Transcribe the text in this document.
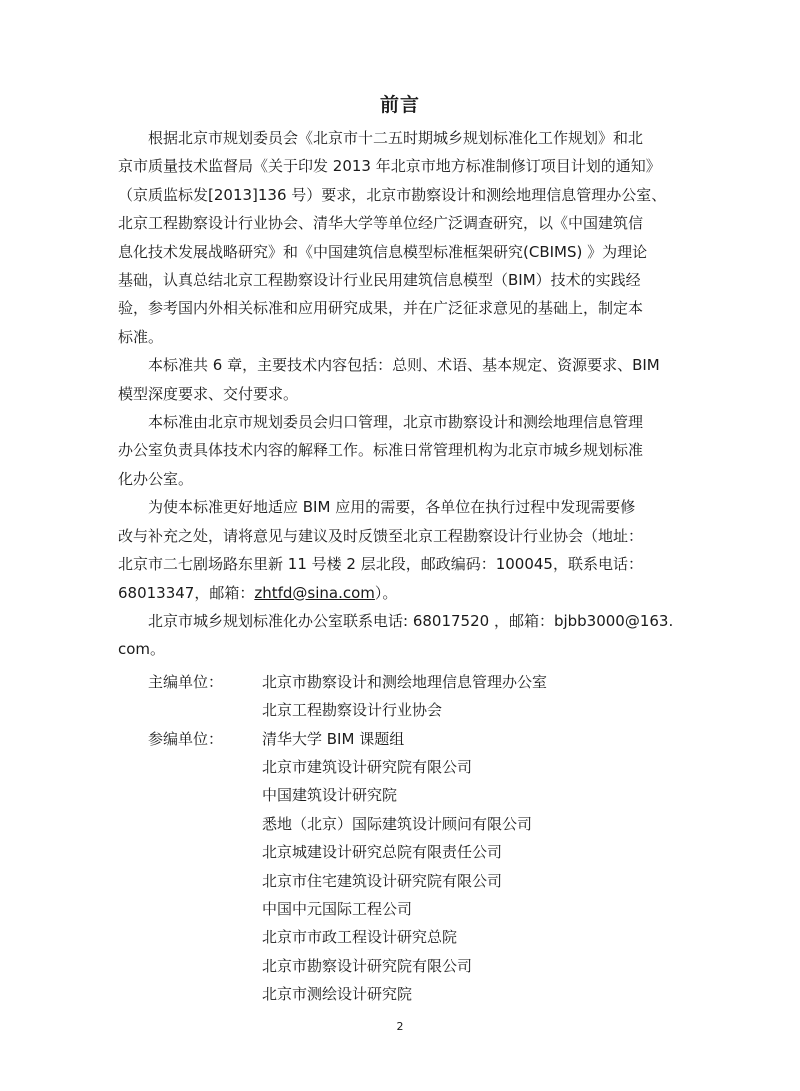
前言
根据北京市规划委员会《北京市十二五时期城乡规划标准化工作规划》和北
京市质量技术监督局《关于印发 2013 年北京市地方标准制修订项目计划的通知》
（京质监标发[2013]136 号）要求，北京市勘察设计和测绘地理信息管理办公室、
北京工程勘察设计行业协会、清华大学等单位经广泛调查研究，以《中国建筑信
息化技术发展战略研究》和《中国建筑信息模型标准框架研究(CBIMS) 》为理论
基础，认真总结北京工程勘察设计行业民用建筑信息模型（BIM）技术的实践经
验，参考国内外相关标准和应用研究成果，并在广泛征求意见的基础上，制定本
标准。
本标准共 6 章，主要技术内容包括：总则、术语、基本规定、资源要求、BIM
模型深度要求、交付要求。
本标准由北京市规划委员会归口管理，北京市勘察设计和测绘地理信息管理
办公室负责具体技术内容的解释工作。标准日常管理机构为北京市城乡规划标准
化办公室。
为使本标准更好地适应 BIM 应用的需要，各单位在执行过程中发现需要修
改与补充之处，请将意见与建议及时反馈至北京工程勘察设计行业协会（地址：
北京市二七剧场路东里新 11 号楼 2 层北段，邮政编码：100045，联系电话：
68013347，邮箱：zhtfd@sina.com）。
北京市城乡规划标准化办公室联系电话: 68017520 ，邮箱：bjbb3000@163.
com。
主编单位：	北京市勘察设计和测绘地理信息管理办公室
北京工程勘察设计行业协会
参编单位：	清华大学 BIM 课题组
北京市建筑设计研究院有限公司
中国建筑设计研究院
悉地（北京）国际建筑设计顾问有限公司
北京城建设计研究总院有限责任公司
北京市住宅建筑设计研究院有限公司
中国中元国际工程公司
北京市市政工程设计研究总院
北京市勘察设计研究院有限公司
北京市测绘设计研究院
2
